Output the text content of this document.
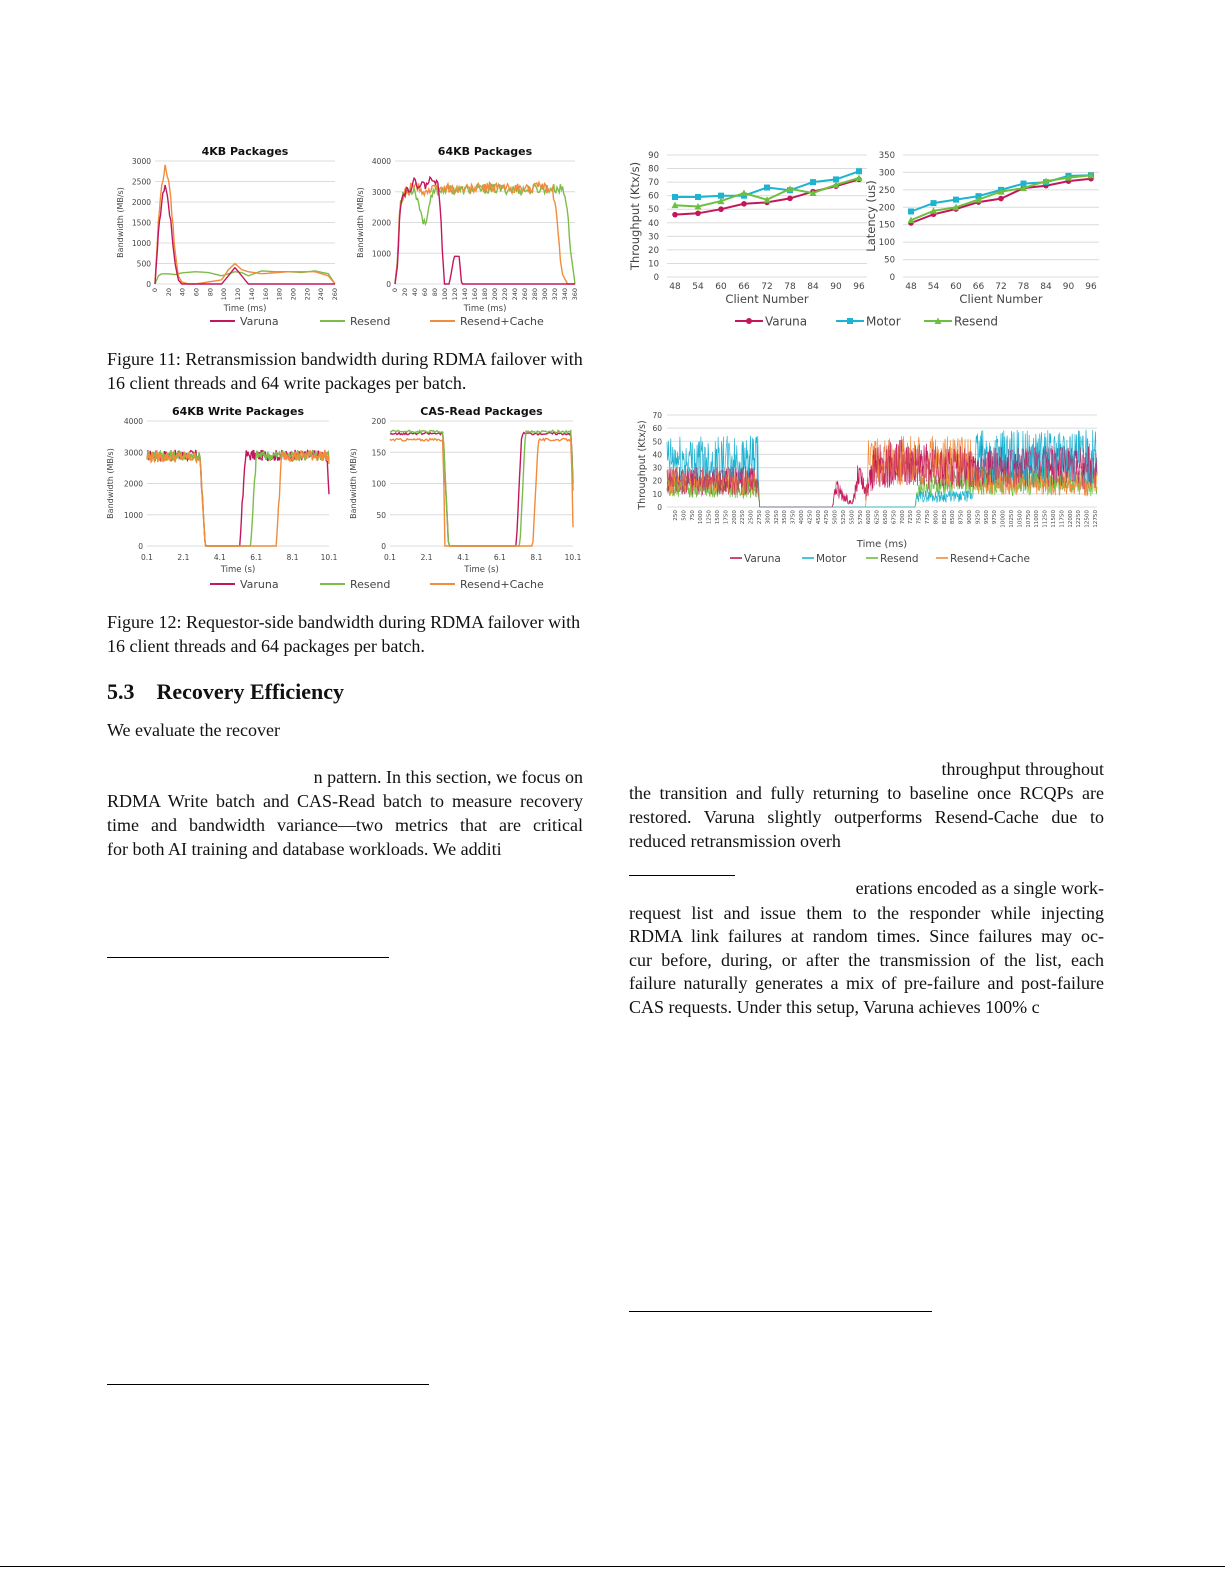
4KB Packages
0
500
1000
1500
2000
2500
3000
0 20 40 60 80 100 120 140 160 180 200 220 240 260
Time (ms)
Bandwidth (MB/s)
64KB Packages
0
1000
2000
3000
4000
0 20 40 60 80 100 120 140 160 180 200 220 240 260 280 300 320 340 360
Time (ms)
Bandwidth (MB/s)
Varuna	Resend	Resend+Cache
Figure 11: Retransmission bandwidth during RDMA failover with 16 client threads and 64 write packages per batch.
64KB Write Packages
0
1000
2000
3000
4000
0.1	2.1	4.1	6.1	8.1	10.1
Time (s)
Bandwidth (MB/s)
CAS-Read Packages
0
50
100
150
200
0.1	2.1	4.1	6.1	8.1	10.1
Time (s)
Bandwidth (MB/s)
Varuna	Resend	Resend+Cache
Figure 12: Requestor-side bandwidth during RDMA failover with 16 client threads and 64 packages per batch.
5.3 Recovery Efficiency
We evaluate the recover
n pattern. In this section, we focus on
RDMA Write batch and CAS-Read batch to measure recovery
time and bandwidth variance—two metrics that are critical
for both AI training and database workloads. We additi
0
10
20
30
40
50
60
70
80
90
48 54 60 66 72 78 84 90 96
Client Number
Throughput (Ktx/s)
0
50
100
150
200
250
300
350
48 54 60 66 72 78 84 90 96
Client Number
Latency (us)
Varuna	Motor	Resend
0
10
20
30
40
50
60
70
250 500 750 1000 1250 1500 1750 2000 2250 2500 2750 3000 3250 3500 3750 4000 4250 4500 4750 5000 5250 5500 5750 6000 6250 6500 6750 7000 7250 7500 7750 8000 8250 8500 8750 9000 9250 9500 9750 10000 10250 10500 10750 11000 11250 11500 11750 12000 12250 12500 12750
Time (ms)
Throughput (Ktx/s)
Varuna	Motor	Resend	Resend+Cache
throughput throughout
the transition and fully returning to baseline once RCQPs are
restored. Varuna slightly outperforms Resend-Cache due to
reduced retransmission overh
erations encoded as a single work-
request list and issue them to the responder while injecting
RDMA link failures at random times. Since failures may oc-
cur before, during, or after the transmission of the list, each
failure naturally generates a mix of pre-failure and post-failure
CAS requests. Under this setup, Varuna achieves 100% c
